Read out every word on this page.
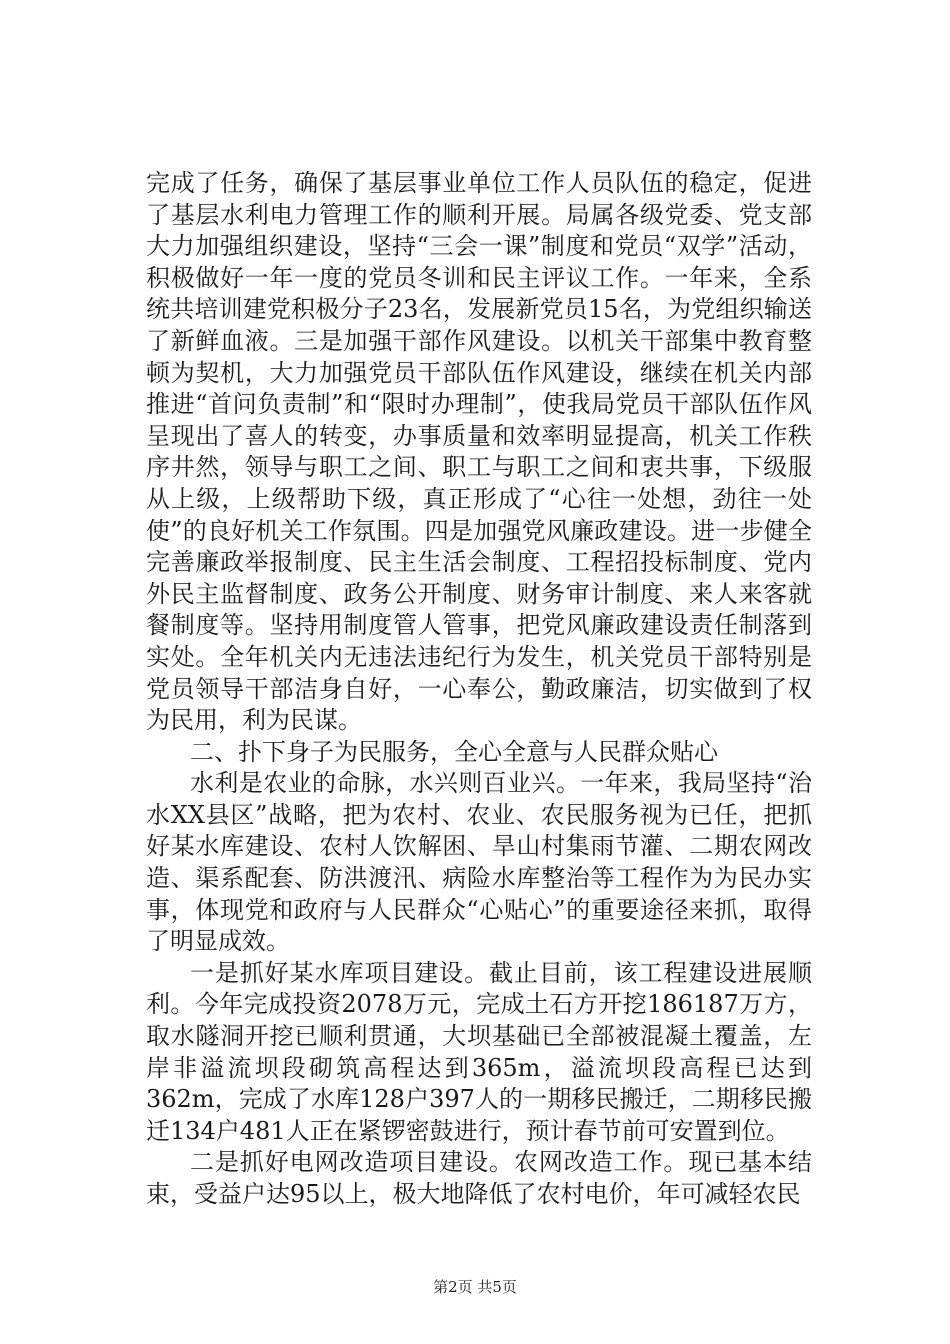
完成了任务，确保了基层事业单位工作人员队伍的稳定，促进了基层水利电力管理工作的顺利开展。局属各级党委、党支部大力加强组织建设，坚持“三会一课”制度和党员“双学”活动，积极做好一年一度的党员冬训和民主评议工作。一年来，全系统共培训建党积极分子23名，发展新党员15名，为党组织输送了新鲜血液。三是加强干部作风建设。以机关干部集中教育整顿为契机，大力加强党员干部队伍作风建设，继续在机关内部推进“首问负责制”和“限时办理制”，使我局党员干部队伍作风呈现出了喜人的转变，办事质量和效率明显提高，机关工作秩序井然，领导与职工之间、职工与职工之间和衷共事，下级服从上级，上级帮助下级，真正形成了“心往一处想，劲往一处使”的良好机关工作氛围。四是加强党风廉政建设。进一步健全完善廉政举报制度、民主生活会制度、工程招投标制度、党内外民主监督制度、政务公开制度、财务审计制度、来人来客就餐制度等。坚持用制度管人管事，把党风廉政建设责任制落到实处。全年机关内无违法违纪行为发生，机关党员干部特别是党员领导干部洁身自好，一心奉公，勤政廉洁，切实做到了权为民用，利为民谋。

二、扑下身子为民服务，全心全意与人民群众贴心

水利是农业的命脉，水兴则百业兴。一年来，我局坚持“治水XX县区”战略，把为农村、农业、农民服务视为已任，把抓好某水库建设、农村人饮解困、旱山村集雨节灌、二期农网改造、渠系配套、防洪渡汛、病险水库整治等工程作为为民办实事，体现党和政府与人民群众“心贴心”的重要途径来抓，取得了明显成效。

一是抓好某水库项目建设。截止目前，该工程建设进展顺利。今年完成投资2078万元，完成土石方开挖186187万方，取水隧洞开挖已顺利贯通，大坝基础已全部被混凝土覆盖，左岸非溢流坝段砌筑高程达到365m，溢流坝段高程已达到362m，完成了水库128户397人的一期移民搬迁，二期移民搬迁134户481人正在紧锣密鼓进行，预计春节前可安置到位。

二是抓好电网改造项目建设。农网改造工作。现已基本结束，受益户达95以上，极大地降低了农村电价，年可减轻农民

第2页 共5页
